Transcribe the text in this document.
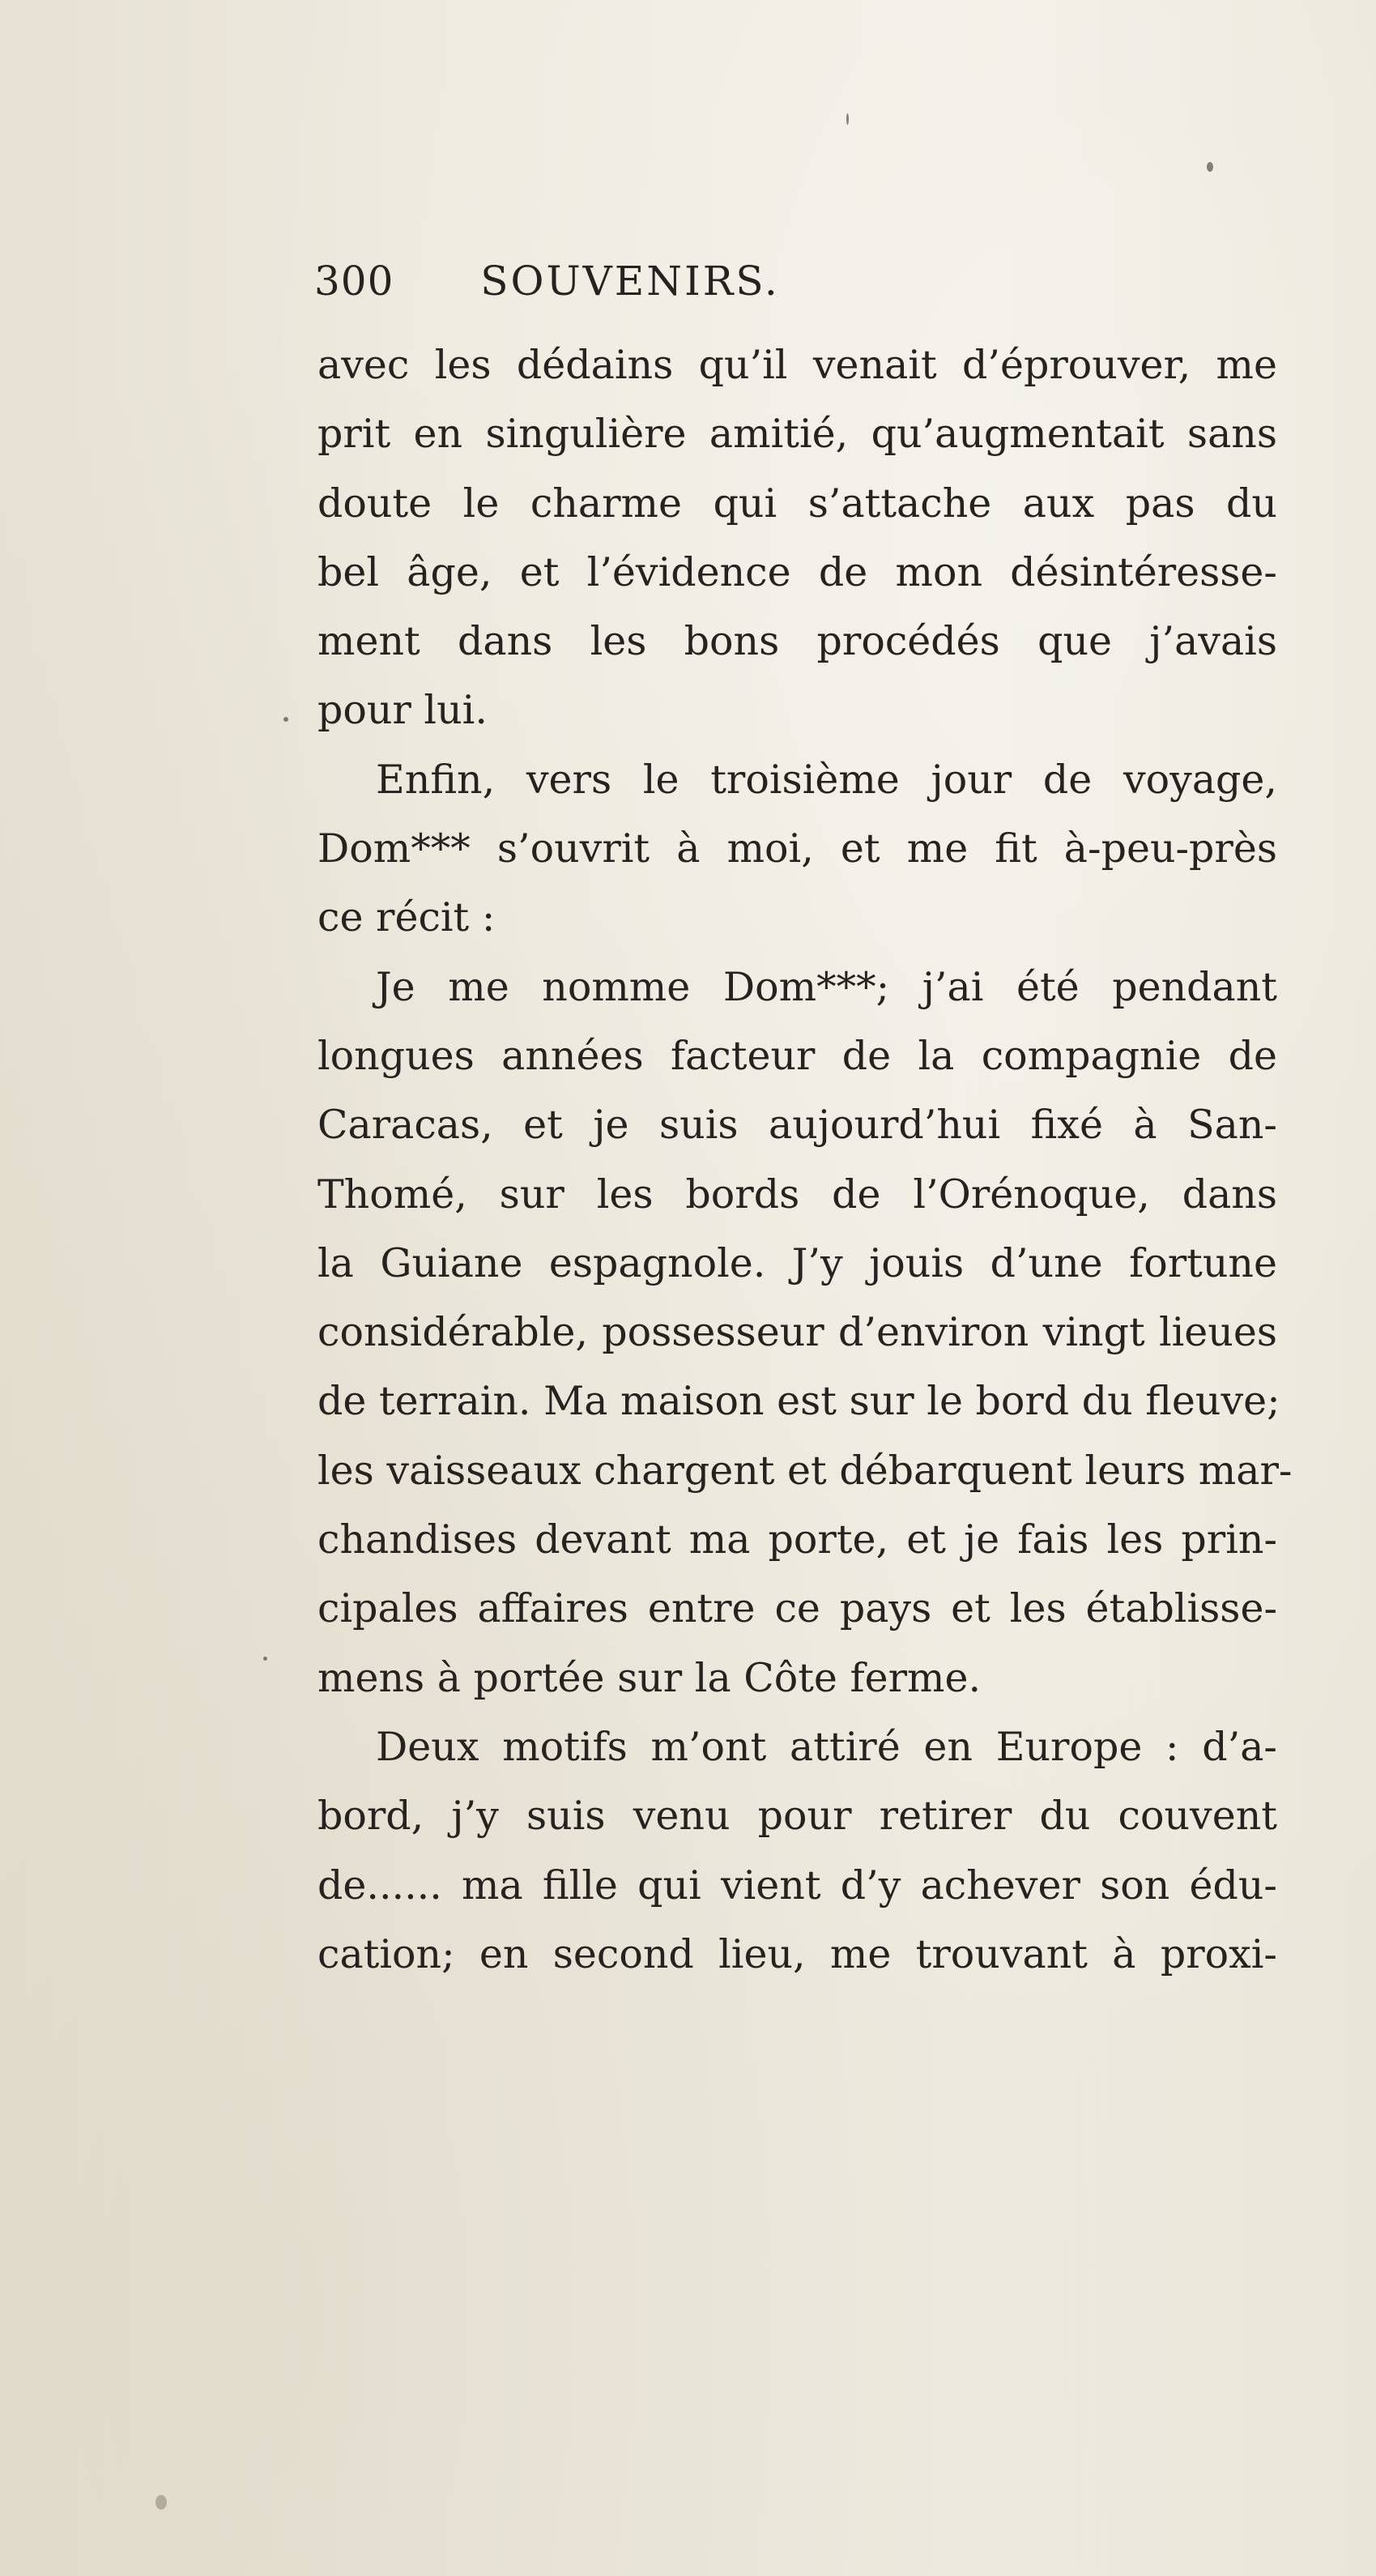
300	SOUVENIRS.
avec les dédains qu’il venait d’éprouver, me
prit en singulière amitié, qu’augmentait sans
doute le charme qui s’attache aux pas du
bel âge, et l’évidence de mon désintéresse-
ment dans les bons procédés que j’avais
pour lui.
Enfin, vers le troisième jour de voyage,
Dom*** s’ouvrit à moi, et me fit à-peu-près
ce récit :
Je me nomme Dom***; j’ai été pendant
longues années facteur de la compagnie de
Caracas, et je suis aujourd’hui fixé à San-
Thomé, sur les bords de l’Orénoque, dans
la Guiane espagnole. J’y jouis d’une fortune
considérable, possesseur d’environ vingt lieues
de terrain. Ma maison est sur le bord du fleuve;
les vaisseaux chargent et débarquent leurs mar-
chandises devant ma porte, et je fais les prin-
cipales affaires entre ce pays et les établisse-
mens à portée sur la Côte ferme.
Deux motifs m’ont attiré en Europe : d’a-
bord, j’y suis venu pour retirer du couvent
de...... ma fille qui vient d’y achever son édu-
cation; en second lieu, me trouvant à proxi-
